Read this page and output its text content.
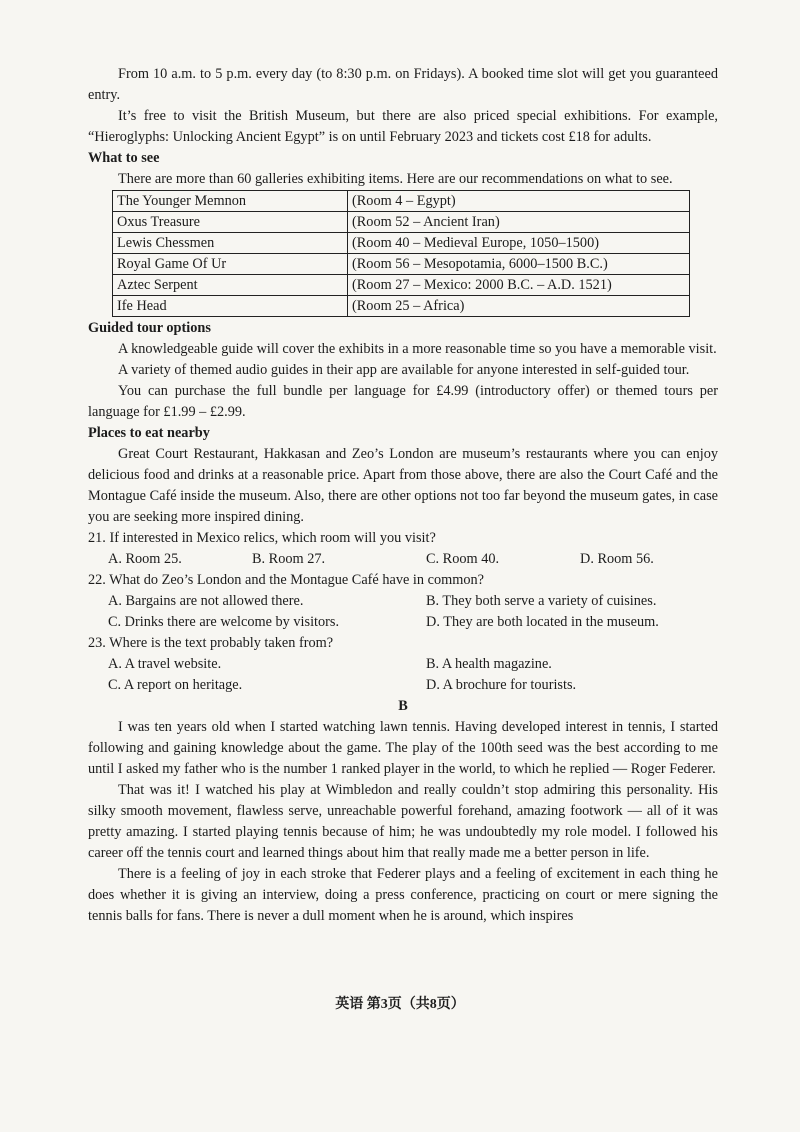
From 10 a.m. to 5 p.m. every day (to 8:30 p.m. on Fridays). A booked time slot will get you guaranteed entry.

It’s free to visit the British Museum, but there are also priced special exhibitions. For example, “Hieroglyphs: Unlocking Ancient Egypt” is on until February 2023 and tickets cost £18 for adults.

What to see

There are more than 60 galleries exhibiting items. Here are our recommendations on what to see.

The Younger Memnon	(Room 4 – Egypt)
Oxus Treasure	(Room 52 – Ancient Iran)
Lewis Chessmen	(Room 40 – Medieval Europe, 1050–1500)
Royal Game Of Ur	(Room 56 – Mesopotamia, 6000–1500 B.C.)
Aztec Serpent	(Room 27 – Mexico: 2000 B.C. – A.D. 1521)
Ife Head	(Room 25 – Africa)
Guided tour options

A knowledgeable guide will cover the exhibits in a more reasonable time so you have a memorable visit.

A variety of themed audio guides in their app are available for anyone interested in self-guided tour.

You can purchase the full bundle per language for £4.99 (introductory offer) or themed tours per language for £1.99 – £2.99.

Places to eat nearby

Great Court Restaurant, Hakkasan and Zeo’s London are museum’s restaurants where you can enjoy delicious food and drinks at a reasonable price. Apart from those above, there are also the Court Café and the Montague Café inside the museum. Also, there are other options not too far beyond the museum gates, in case you are seeking more inspired dining.

21. If interested in Mexico relics, which room will you visit?

A. Room 25.	B. Room 27.	C. Room 40.	D. Room 56.

22. What do Zeo’s London and the Montague Café have in common?

A. Bargains are not allowed there.	B. They both serve a variety of cuisines.
C. Drinks there are welcome by visitors.	D. They are both located in the museum.

23. Where is the text probably taken from?

A. A travel website.	B. A health magazine.
C. A report on heritage.	D. A brochure for tourists.

B

I was ten years old when I started watching lawn tennis. Having developed interest in tennis, I started following and gaining knowledge about the game. The play of the 100th seed was the best according to me until I asked my father who is the number 1 ranked player in the world, to which he replied — Roger Federer.

That was it! I watched his play at Wimbledon and really couldn’t stop admiring this personality. His silky smooth movement, flawless serve, unreachable powerful forehand, amazing footwork — all of it was pretty amazing. I started playing tennis because of him; he was undoubtedly my role model. I followed his career off the tennis court and learned things about him that really made me a better person in life.

There is a feeling of joy in each stroke that Federer plays and a feeling of excitement in each thing he does whether it is giving an interview, doing a press conference, practicing on court or mere signing the tennis balls for fans. There is never a dull moment when he is around, which inspires

英语 第3页（共8页）
